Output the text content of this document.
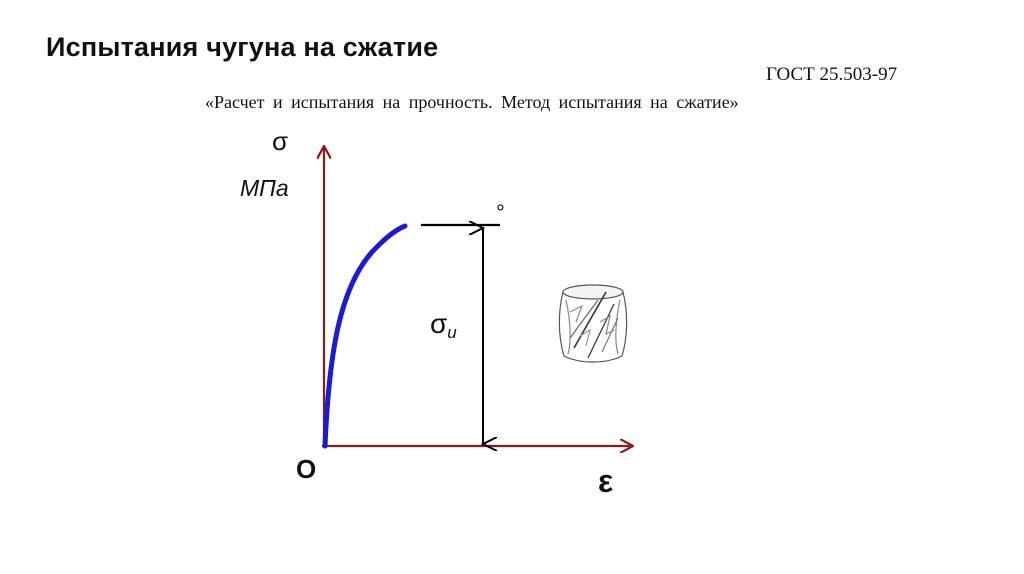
Испытания чугуна на сжатие
ГОСТ 25.503-97
«Расчет и испытания на прочность. Метод испытания на сжатие»
σ
МПа
O	ε
°
σu
